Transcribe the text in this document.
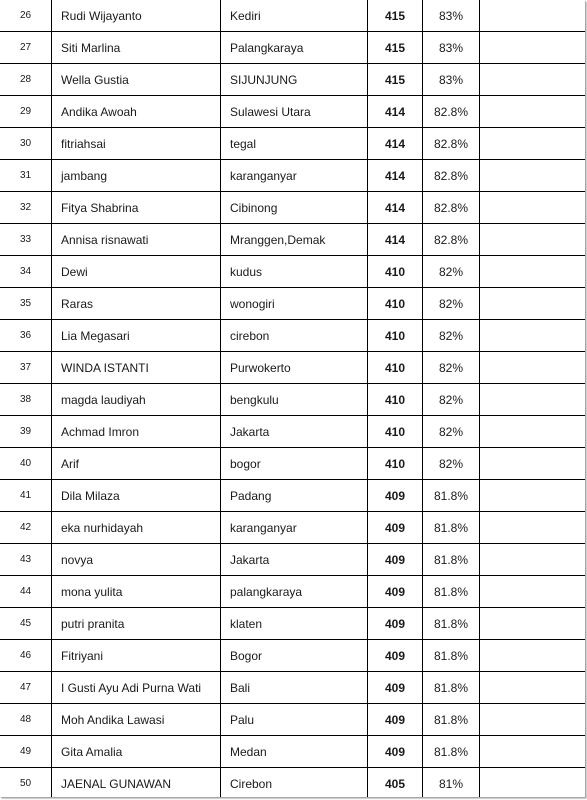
26	Rudi Wijayanto	Kediri	415	83%	
27	Siti Marlina	Palangkaraya	415	83%	
28	Wella Gustia	SIJUNJUNG	415	83%	
29	Andika Awoah	Sulawesi Utara	414	82.8%	
30	fitriahsai	tegal	414	82.8%	
31	jambang	karanganyar	414	82.8%	
32	Fitya Shabrina	Cibinong	414	82.8%	
33	Annisa risnawati	Mranggen,Demak	414	82.8%	
34	Dewi	kudus	410	82%	
35	Raras	wonogiri	410	82%	
36	Lia Megasari	cirebon	410	82%	
37	WINDA ISTANTI	Purwokerto	410	82%	
38	magda laudiyah	bengkulu	410	82%	
39	Achmad Imron	Jakarta	410	82%	
40	Arif	bogor	410	82%	
41	Dila Milaza	Padang	409	81.8%	
42	eka nurhidayah	karanganyar	409	81.8%	
43	novya	Jakarta	409	81.8%	
44	mona yulita	palangkaraya	409	81.8%	
45	putri pranita	klaten	409	81.8%	
46	Fitriyani	Bogor	409	81.8%	
47	I Gusti Ayu Adi Purna Wati	Bali	409	81.8%	
48	Moh Andika Lawasi	Palu	409	81.8%	
49	Gita Amalia	Medan	409	81.8%	
50	JAENAL GUNAWAN	Cirebon	405	81%	
